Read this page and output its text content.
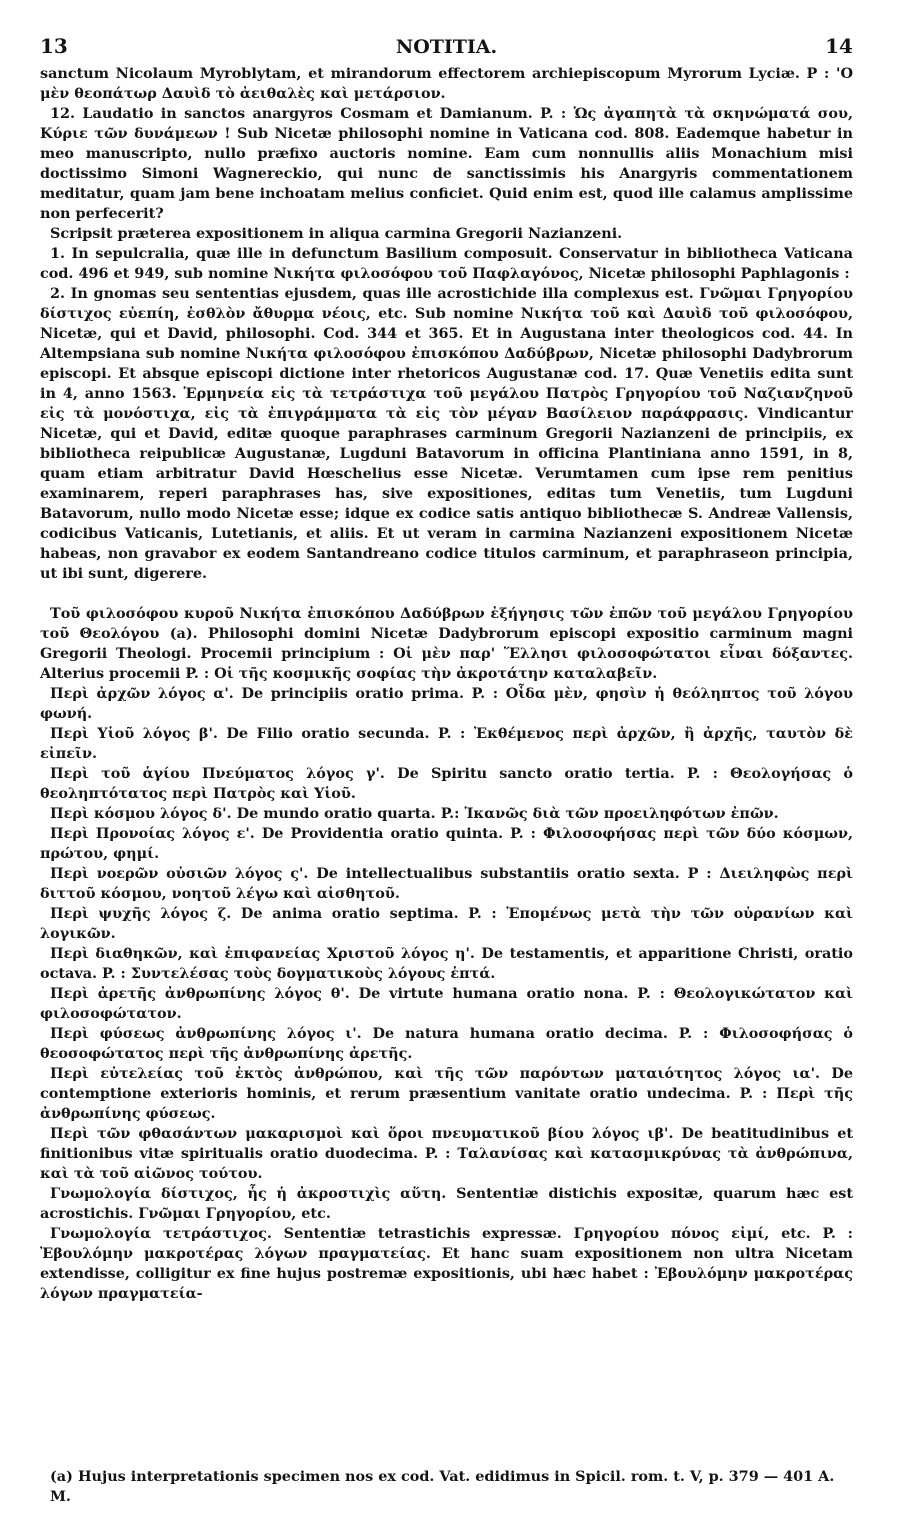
13	NOTITIA.	14

sanctum Nicolaum Myroblytam, et mirandorum effectorem archiepiscopum Myrorum Lyciæ. P : 'Ο μὲν θεοπάτωρ Δαυὶδ τὸ ἀειθαλὲς καὶ μετάρσιον.

12. Laudatio in sanctos anargyros Cosmam et Damianum. P. : Ὡς ἀγαπητὰ τὰ σκηνώματά σου, Κύριε τῶν δυνάμεων ! Sub Nicetæ philosophi nomine in Vaticana cod. 808. Eademque habetur in meo manuscripto, nullo præfixo auctoris nomine. Eam cum nonnullis aliis Monachium misi doctissimo Simoni Wagnereckio, qui nunc de sanctissimis his Anargyris commentationem meditatur, quam jam bene inchoatam melius conficiet. Quid enim est, quod ille calamus amplissime non perfecerit?

Scripsit præterea expositionem in aliqua carmina Gregorii Nazianzeni.

1. In sepulcralia, quæ ille in defunctum Basilium composuit. Conservatur in bibliotheca Vaticana cod. 496 et 949, sub nomine Νικήτα φιλοσόφου τοῦ Παφλαγόνος, Nicetæ philosophi Paphlagonis :

2. In gnomas seu sententias ejusdem, quas ille acrostichide illa complexus est. Γνῶμαι Γρηγορίου δίστιχος εὐεπίη, ἐσθλὸν ἄθυρμα νέοις, etc. Sub nomine Νικήτα τοῦ καὶ Δαυὶδ τοῦ φιλοσόφου, Nicetæ, qui et David, philosophi. Cod. 344 et 365. Et in Augustana inter theologicos cod. 44. In Altempsiana sub nomine Νικήτα φιλοσόφου ἐπισκόπου Δαδύβρων, Nicetæ philosophi Dadybrorum episcopi. Et absque episcopi dictione inter rhetoricos Augustanæ cod. 17. Quæ Venetiis edita sunt in 4, anno 1563. Ἑρμηνεία εἰς τὰ τετράστιχα τοῦ μεγάλου Πατρὸς Γρηγορίου τοῦ Ναζιανζηνοῦ εἰς τὰ μονόστιχα, εἰς τὰ ἐπιγράμματα τὰ εἰς τὸν μέγαν Βασίλειον παράφρασις. Vindicantur Nicetæ, qui et David, editæ quoque paraphrases carminum Gregorii Nazianzeni de principiis, ex bibliotheca reipublicæ Augustanæ, Lugduni Batavorum in officina Plantiniana anno 1591, in 8, quam etiam arbitratur David Hœschelius esse Nicetæ. Verumtamen cum ipse rem penitius examinarem, reperi paraphrases has, sive expositiones, editas tum Venetiis, tum Lugduni Batavorum, nullo modo Nicetæ esse; idque ex codice satis antiquo bibliothecæ S. Andreæ Vallensis, codicibus Vaticanis, Lutetianis, et aliis. Et ut veram in carmina Nazianzeni expositionem Nicetæ habeas, non gravabor ex eodem Santandreano codice titulos carminum, et paraphraseon principia, ut ibi sunt, digerere.

Τοῦ φιλοσόφου κυροῦ Νικήτα ἐπισκόπου Δαδύβρων ἐξήγησις τῶν ἐπῶν τοῦ μεγάλου Γρηγορίου τοῦ Θεολόγου (a). Philosophi domini Nicetæ Dadybrorum episcopi expositio carminum magni Gregorii Theologi. Procemii principium : Οἱ μὲν παρ' Ἕλλησι φιλοσοφώτατοι εἶναι δόξαντες. Alterius procemii P. : Οἱ τῆς κοσμικῆς σοφίας τὴν ἀκροτάτην καταλαβεῖν.

Περὶ ἀρχῶν λόγος α'. De principiis oratio prima. P. : Οἶδα μὲν, φησὶν ἡ θεόληπτος τοῦ λόγου φωνή.

Περὶ Υἱοῦ λόγος β'. De Filio oratio secunda. P. : Ἐκθέμενος περὶ ἀρχῶν, ἢ ἀρχῆς, ταυτὸν δὲ εἰπεῖν.

Περὶ τοῦ ἁγίου Πνεύματος λόγος γ'. De Spiritu sancto oratio tertia. P. : Θεολογήσας ὁ θεοληπτότατος περὶ Πατρὸς καὶ Υἱοῦ.

Περὶ κόσμου λόγος δ'. De mundo oratio quarta. P.: Ἱκανῶς διὰ τῶν προειληφότων ἐπῶν.

Περὶ Προνοίας λόγος ε'. De Providentia oratio quinta. P. : Φιλοσοφήσας περὶ τῶν δύο κόσμων, πρώτου, φημί.

Περὶ νοερῶν οὐσιῶν λόγος ς'. De intellectualibus substantiis oratio sexta. P : Διειληφὼς περὶ διττοῦ κόσμου, νοητοῦ λέγω καὶ αἰσθητοῦ.

Περὶ ψυχῆς λόγος ζ. De anima oratio septima. P. : Ἑπομένως μετὰ τὴν τῶν οὐρανίων καὶ λογικῶν.

Περὶ διαθηκῶν, καὶ ἐπιφανείας Χριστοῦ λόγος η'. De testamentis, et apparitione Christi, oratio octava. P. : Συντελέσας τοὺς δογματικοὺς λόγους ἑπτά.

Περὶ ἀρετῆς ἀνθρωπίνης λόγος θ'. De virtute humana oratio nona. P. : Θεολογικώτατον καὶ φιλοσοφώτατον.

Περὶ φύσεως ἀνθρωπίνης λόγος ι'. De natura humana oratio decima. P. : Φιλοσοφήσας ὁ θεοσοφώτατος περὶ τῆς ἀνθρωπίνης ἀρετῆς.

Περὶ εὐτελείας τοῦ ἐκτὸς ἀνθρώπου, καὶ τῆς τῶν παρόντων ματαιότητος λόγος ια'. De contemptione exterioris hominis, et rerum præsentium vanitate oratio undecima. P. : Περὶ τῆς ἀνθρωπίνης φύσεως.

Περὶ τῶν φθασάντων μακαρισμοὶ καὶ ὅροι πνευματικοῦ βίου λόγος ιβ'. De beatitudinibus et finitionibus vitæ spiritualis oratio duodecima. P. : Ταλανίσας καὶ κατασμικρύνας τὰ ἀνθρώπινα, καὶ τὰ τοῦ αἰῶνος τούτου.

Γνωμολογία δίστιχος, ἧς ἡ ἀκροστιχὶς αὕτη. Sententiæ distichis expositæ, quarum hæc est acrostichis. Γνῶμαι Γρηγορίου, etc.

Γνωμολογία τετράστιχος. Sententiæ tetrastichis expressæ. Γρηγορίου πόνος εἰμί, etc. P. : Ἐβουλόμην μακροτέρας λόγων πραγματείας. Et hanc suam expositionem non ultra Nicetam extendisse, colligitur ex fine hujus postremæ expositionis, ubi hæc habet : Ἐβουλόμην μακροτέρας λόγων πραγματεία-

(a) Hujus interpretationis specimen nos ex cod. Vat. edidimus in Spicil. rom. t. V, p. 379 — 401 A. M.
